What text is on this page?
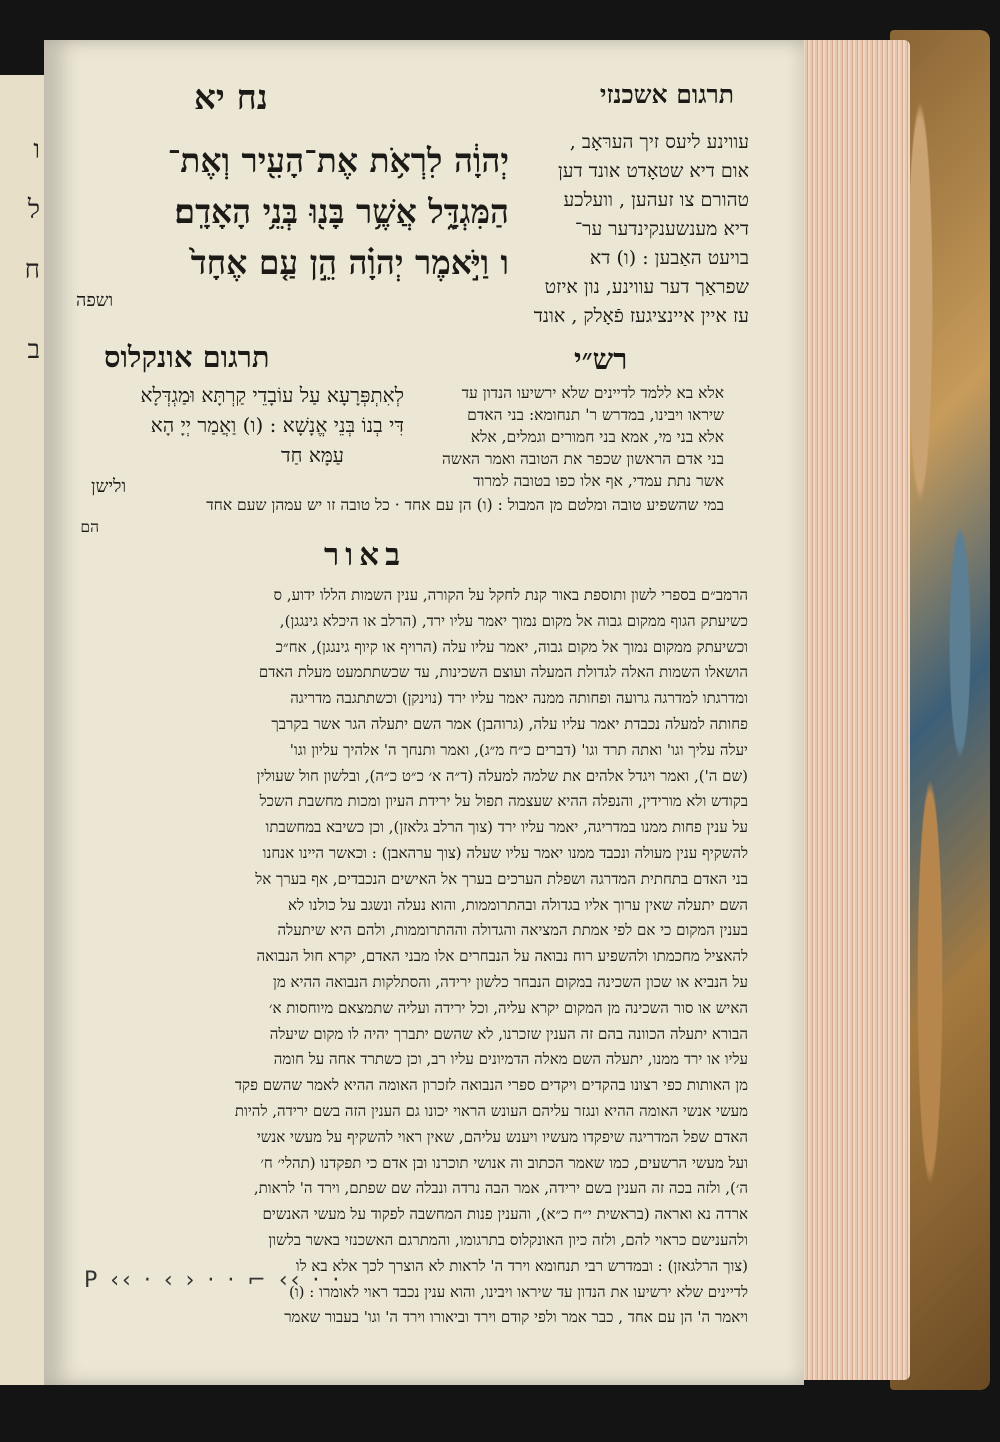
ו
ל
ח
ב
נח יא	תרגום אשכנזי
יְהוָ֔ה לִרְאֹ֥ת אֶת־הָעִ֖יר וְאֶת־
הַמִּגְדָּ֑ל אֲשֶׁ֥ר בָּנ֖וּ בְּנֵ֥י הָאָדָֽם׃
ו וַיֹּ֣אמֶר יְהוָ֗ה הֵ֣ן עַ֤ם אֶחָד֙
עווינע ליעס זיך הערּאָב ,
אום דיא שטאָדט אונד דען
טהורם צו זעהען , וועלכע
דיא מענשענקינדער ער־
בויעט האַבען : (ו) דא
שפראַך דער עווינע, נון איזט
עז איין איינציגעז פֿאָלק , אונד
ושפה
תרגום אונקלוס	רש״י
לְאִתְפְּרָעָא עַל עוֹבָדֵי קַרְתָּא וּמַגְדְּלָא
דִּי בְנוֹ בְּנֵי אֱנָשָׁא : (ו) וַאֲמַר יְיָ הָא
עַמָּא חַד
ולישן
אלא בא ללמד לדיינים שלא ירשיעו הנדון עד
שיראו ויבינו, במדרש ר' תנחומא: בני האדם
אלא בני מי, אמא בני חמורים וגמלים, אלא
בני אדם הראשון שכפר את הטובה ואמר האשה
אשר נתת עמדי, אף אלו כפו בטובה למרוד
במי שהשפיע טובה ומלטם מן המבול : (ו) הן עם אחד · כל טובה זו יש עמהן שעם אחד
הם
באור
הרמב״ם בספרי לשון ותוספת באור קנת לחקל על הקורה, ענין השמות הללו ידוע, ס
כשיעתק הגוף ממקום גבוה אל מקום נמוך יאמר עליו ירד, (הרלב או היכלא גינגגן),
וכשיעתק ממקום נמוך אל מקום גבוה, יאמר עליו עלה (הרויף או קיוף גינגגן), אח״כ
הושאלו השמות האלה לגדולת המעלה ועוצם השכינות, עד שכשתתמעט מעלת האדם
ומדרגתו למדרגה גרועה ופחותה ממנה יאמר עליו ירד (נוינקן) וכשתתגבה מדריגה
פחותה למעלה נכבדת יאמר עליו עלה, (גרוהבן) אמר השם יתעלה הגר אשר בקרבך
יעלה עליך וגו' ואתה תרד וגו' (דברים כ״ח מ״ג), ואמר ותנחך ה' אלהיך עליון וגו'
(שם ה'), ואמר ויגדל אלהים את שלמה למעלה (ד״ה א׳ כ״ט כ״ה), ובלשון חול שעולין
בקודש ולא מורידין, והנפלה ההיא שעצמה תפול על ירידת העיון ומכות מחשבת השכל
על ענין פחות ממנו במדריגה, יאמר עליו ירד (צוך הרלב גלאזן), וכן כשיבא במחשבתו
להשקיף ענין מעולה ונכבד ממנו יאמר עליו שעלה (צוך ערהאבן) : וכאשר היינו אנחנו
בני האדם בתחתית המדרגה ושפלת הערכים בערך אל האישים הנכבדים, אף בערך אל
השם יתעלה שאין ערוך אליו בגדולה ובהתרוממות, והוא נעלה ונשגב על כולנו לא
בענין המקום כי אם לפי אמתת המציאה והגדולה וההתרוממות, ולהם היא שיתעלה
להאציל מחכמתו ולהשפיע רוח נבואה על הנבחרים אלו מבני האדם, יקרא חול הנבואה
על הנביא או שכון השכינה במקום הנבחר כלשון ירידה, והסתלקות הנבואה ההיא מן
האיש או סור השכינה מן המקום יקרא עליה, וכל ירידה ועליה שתמצאם מיוחסות א׳
הבורא יתעלה הכוונה בהם זה הענין שזכרנו, לא שהשם יתברך יהיה לו מקום שיעלה
עליו או ירד ממנו, יתעלה השם מאלה הדמיונים עליו רב, וכן כשתרד אחה על חומה
מן האותות כפי רצונו בהקדים ויקדים ספרי הנבואה לזכרון האומה ההיא לאמר שהשם פקד
מעשי אנשי האומה ההיא ונגזר עליהם העונש הראוי יכונו גם הענין הזה בשם ירידה, להיות
האדם שפל המדריגה שיפקדו מעשיו ויענש עליהם, שאין ראוי להשקיף על מעשי אנשי
ועל מעשי הרשעים, כמו שאמר הכתוב וה אנושי תוכרנו ובן אדם כי תפקדנו (תהלי׳ ח׳
ה׳), ולזה בכה זה הענין בשם ירידה, אמר הבה נרדה ונבלה שם שפתם, וירד ה' לראות,
ארדה נא ואראה (בראשית י״ח כ״א), והענין פנות המחשבה לפקוד על מעשי האנשים
ולהענישם כראוי להם, ולזה כיון האונקלוס בתרגומו, והמתרגם האשכנזי באשר בלשון
(צוך הרלגאזן) : ובמדרש רבי תנחומא וירד ה' לראות לא הוצרך לכך אלא בא לו
לדיינים שלא ירשיעו את הנדון עד שיראו ויבינו, והוא ענין נכבד ראוי לאומרו : (ו)
ויאמר ה' הן עם אחד , כבר אמר ולפי קודם וירד וביאורו וירד ה' וגו' בעבור שאמר
P ‹‹ · ‹ › · · ⌐ ‹‹ · ·
